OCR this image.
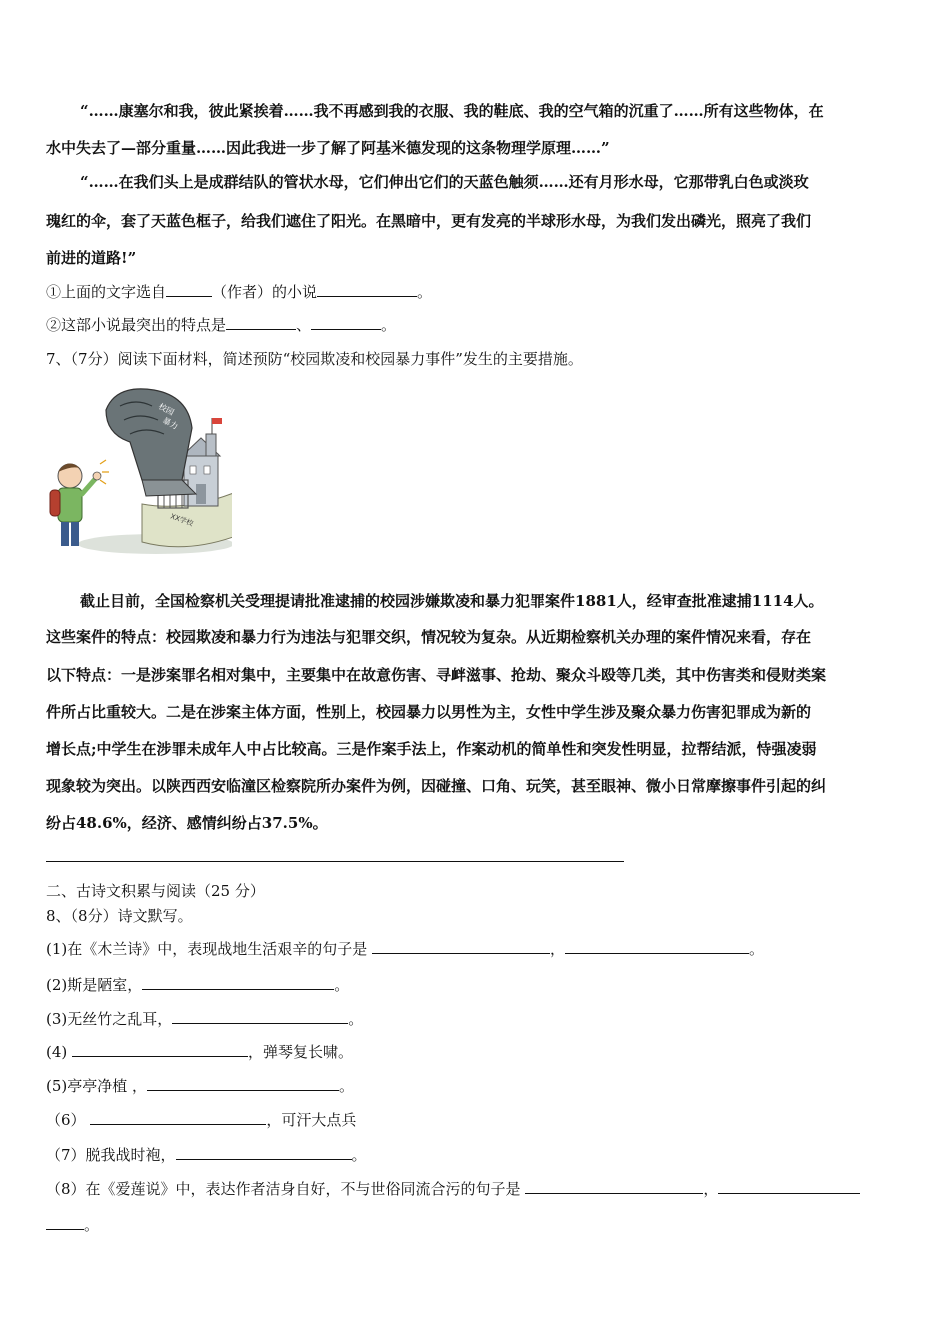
“……康塞尔和我，彼此紧挨着……我不再感到我的衣服、我的鞋底、我的空气箱的沉重了……所有这些物体，在
水中失去了—部分重量……因此我进一步了解了阿基米德发现的这条物理学原理……”
“……在我们头上是成群结队的管状水母，它们伸出它们的天蓝色触须……还有月形水母，它那带乳白色或淡玫
瑰红的伞，套了天蓝色框子，给我们遮住了阳光。在黑暗中，更有发亮的半球形水母，为我们发出磷光，照亮了我们
前进的道路!”
①上面的文字选自	（作者）的小说	。
②这部小说最突出的特点是	、	。
7、（7分）阅读下面材料，简述预防“校园欺凌和校园暴力事件”发生的主要措施。
校园
暴力
XX学校
截止目前，全国检察机关受理提请批准逮捕的校园涉嫌欺凌和暴力犯罪案件1881人，经审查批准逮捕1114人。
这些案件的特点：校园欺凌和暴力行为违法与犯罪交织，情况较为复杂。从近期检察机关办理的案件情况来看，存在
以下特点：一是涉案罪名相对集中，主要集中在故意伤害、寻衅滋事、抢劫、聚众斗殴等几类，其中伤害类和侵财类案
件所占比重较大。二是在涉案主体方面，性别上，校园暴力以男性为主，女性中学生涉及聚众暴力伤害犯罪成为新的
增长点;中学生在涉罪未成年人中占比较高。三是作案手法上，作案动机的简单性和突发性明显，拉帮结派，恃强凌弱
现象较为突出。以陕西西安临潼区检察院所办案件为例，因碰撞、口角、玩笑，甚至眼神、微小日常摩擦事件引起的纠
纷占48.6%，经济、感情纠纷占37.5%。
二、古诗文积累与阅读（25 分）
8、（8分）诗文默写。
(1)在《木兰诗》中，表现战地生活艰辛的句子是	，	。
(2)斯是陋室，	。
(3)无丝竹之乱耳，	。
(4)	，弹琴复长啸。
(5)亭亭净植 ，	。
（6）	，可汗大点兵
（7）脱我战时袍，	。
（8）在《爱莲说》中，表达作者洁身自好，不与世俗同流合污的句子是	，
。
